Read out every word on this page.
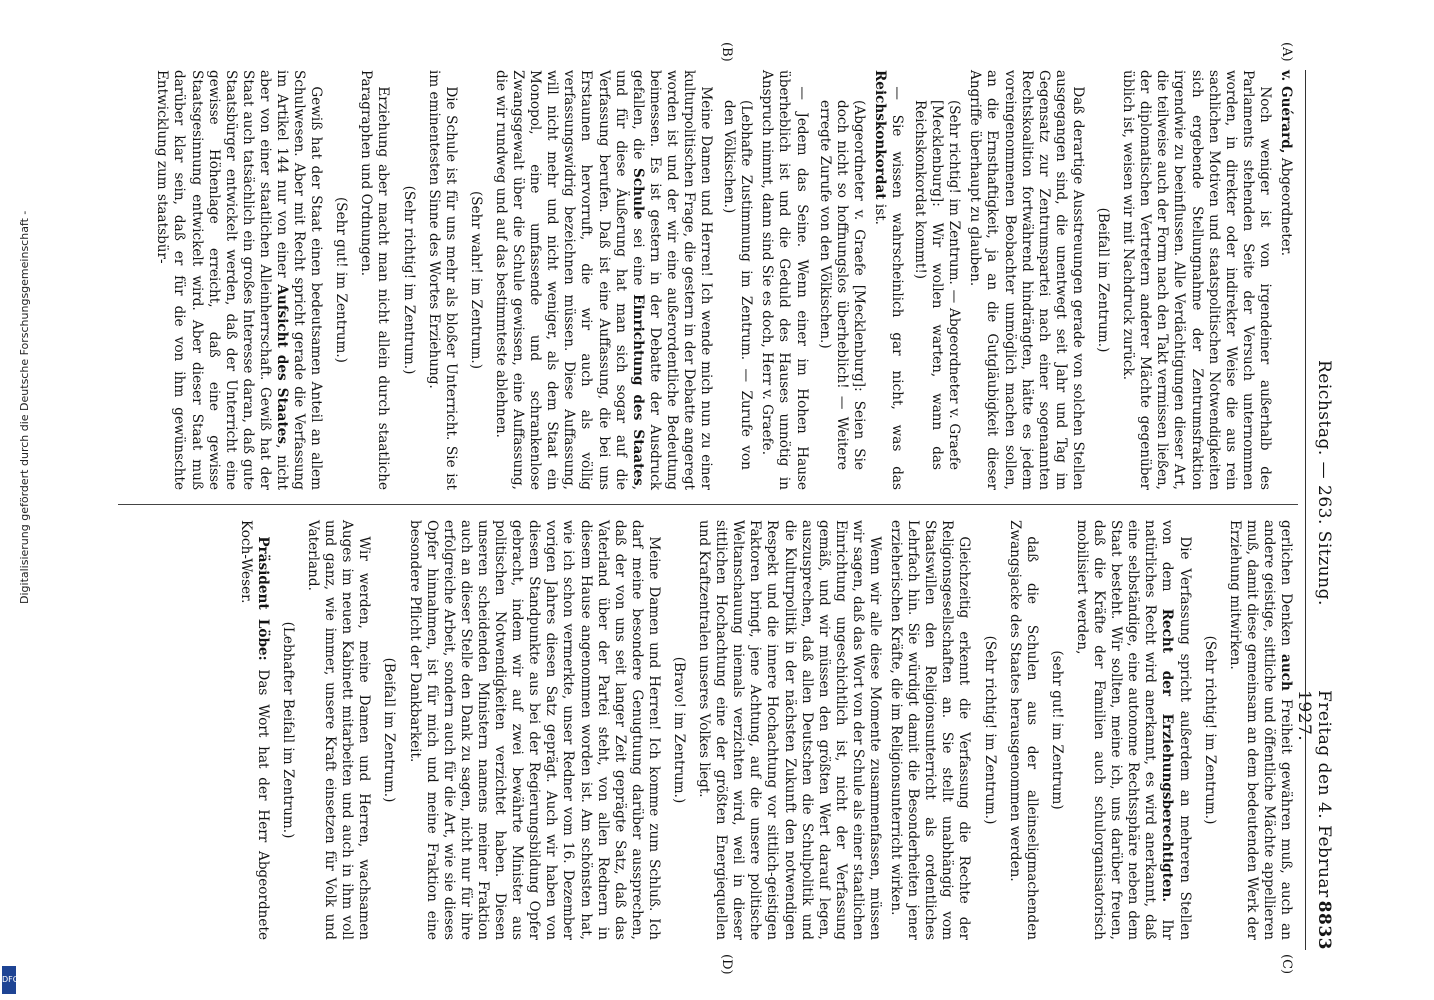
Reichstag. — 263. Sitzung.
Freitag den 4. Februar 1927.
8833
(A)
(B)
(C)
(D)

v. Guérard, Abgeordneter.

Noch weniger ist von irgendeiner außerhalb des Parlaments stehenden Seite der Versuch unternommen worden, in direkter oder indirekter Weise die aus rein sachlichen Motiven und staatspolitischen Notwendigkeiten sich ergebende Stellungnahme der Zentrumsfraktion irgendwie zu beeinflussen. Alle Verdächtigungen dieser Art, die teilweise auch der Form nach den Takt vermissen ließen, der diplomatischen Vertretern anderer Mächte gegenüber üblich ist, weisen wir mit Nachdruck zurück.

(Beifall im Zentrum.)

Daß derartige Ausstreuungen gerade von solchen Stellen ausgegangen sind, die unentwegt seit Jahr und Tag im Gegensatz zur Zentrumspartei nach einer sogenannten Rechtskoalition fortwährend hindrängten, hätte es jedem voreingenommenen Beobachter unmöglich machen sollen, an die Ernsthaftigkeit, ja an die Gutgläubigkeit dieser Angriffe überhaupt zu glauben.

(Sehr richtig! im Zentrum. — Abgeordneter v. Graefe [Mecklenburg]: Wir wollen warten, wann das Reichskonkordat kommt!)

— Sie wissen wahrscheinlich gar nicht, was das Reichskonkordat ist.

(Abgeordneter v. Graefe [Mecklenburg]: Seien Sie doch nicht so hoffnungslos überheblich! — Weitere erregte Zurufe von den Völkischen.)

— Jedem das Seine. Wenn einer im Hohen Hause überheblich ist und die Geduld des Hauses unnötig in Anspruch nimmt, dann sind Sie es doch, Herr v. Graefe.

(Lebhafte Zustimmung im Zentrum. — Zurufe von den Völkischen.)

Meine Damen und Herren! Ich wende mich nun zu einer kulturpolitischen Frage, die gestern in der Debatte angeregt worden ist und der wir eine außerordentliche Bedeutung beimessen. Es ist gestern in der Debatte der Ausdruck gefallen, die Schule sei eine Einrichtung des Staates, und für diese Äußerung hat man sich sogar auf die Verfassung berufen. Daß ist eine Auffassung, die bei uns Erstaunen hervorruft, die wir auch als völlig verfassungswidrig bezeichnen müssen. Diese Auffassung, will nicht mehr und nicht weniger, als dem Staat ein Monopol, eine umfassende und schrankenlose Zwangsgewalt über die Schule gewissen, eine Auffassung, die wir rundweg und auf das bestimmteste ablehnen.

(Sehr wahr! im Zentrum.)

Die Schule ist für uns mehr als bloßer Unterricht. Sie ist im eminentesten Sinne des Wortes Erziehung.

(Sehr richtig! im Zentrum.)

Erziehung aber macht man nicht allein durch staatliche Paragraphen und Ordnungen.

(Sehr gut! im Zentrum.)

Gewiß hat der Staat einen bedeutsamen Anteil an allem Schulwesen. Aber mit Recht spricht gerade die Verfassung im Artikel 144 nur von einer Aufsicht des Staates, nicht aber von einer staatlichen Alleinherrschaft. Gewiß hat der Staat auch tatsächlich ein großes Interesse daran, daß gute Staatsbürger entwickelt werden, daß der Unterricht eine gewisse Höhenlage erreicht, daß eine gewisse Staatsgesinnung entwickelt wird. Aber dieser Staat muß darüber klar sein, daß er für die von ihm gewünschte Entwicklung zum staatsbür-

gerlichen Denken auch Freiheit gewähren muß, auch an andere geistige, sittliche und öffentliche Mächte appellieren muß, damit diese gemeinsam an dem bedeutenden Werk der Erziehung mitwirken.

(Sehr richtig! im Zentrum.)

Die Verfassung spricht außerdem an mehreren Stellen von dem Recht der Erziehungsberechtigten. Ihr natürliches Recht wird anerkannt, es wird anerkannt, daß eine selbständige, eine autonome Rechtssphäre neben dem Staat besteht. Wir sollten, meine ich, uns darüber freuen, daß die Kräfte der Familien auch schulorganisatorisch mobilisiert werden,

(sehr gut! im Zentrum)

daß die Schulen aus der alleinseligmachenden Zwangsjacke des Staates herausgenommen werden.

(Sehr richtig! im Zentrum.)

Gleichzeitig erkennt die Verfassung die Rechte der Religionsgesellschaften an. Sie stellt unabhängig vom Staatswillen den Religionsunterricht als ordentliches Lehrfach hin. Sie würdigt damit die Besonderheiten jener erzieherischen Kräfte, die im Religionsunterricht wirken.

Wenn wir alle diese Momente zusammenfassen, müssen wir sagen, daß das Wort von der Schule als einer staatlichen Einrichtung ungeschichtlich ist, nicht der Verfassung gemäß, und wir müssen den größten Wert darauf legen, auszusprechen, daß allen Deutschen die Schulpolitik und die Kulturpolitik in der nächsten Zukunft den notwendigen Respekt und die innere Hochachtung vor sittlich-geistigen Faktoren bringt, jene Achtung, auf die unsere politische Weltanschauung niemals verzichten wird, weil in dieser sittlichen Hochachtung eine der größten Energiequellen und Kraftzentralen unseres Volkes liegt.

(Bravo! im Zentrum.)

Meine Damen und Herren! Ich komme zum Schluß. Ich darf meine besondere Genugtuung darüber aussprechen, daß der von uns seit langer Zeit geprägte Satz, daß das Vaterland über der Partei steht, von allen Rednern in diesem Hause angenommen worden ist. Am schönsten hat, wie ich schon vermerkte, unser Redner vom 16. Dezember vorigen Jahres diesen Satz geprägt. Auch wir haben von diesem Standpunkte aus bei der Regierungsbildung Opfer gebracht, indem wir auf zwei bewährte Minister aus politischen Notwendigkeiten verzichtet haben. Diesen unseren scheidenden Ministern namens meiner Fraktion auch an dieser Stelle den Dank zu sagen, nicht nur für ihre erfolgreiche Arbeit, sondern auch für die Art, wie sie dieses Opfer hinnahmen, ist für mich und meine Fraktion eine besondere Pflicht der Dankbarkeit.

(Beifall im Zentrum.)

Wir werden, meine Damen und Herren, wachsamen Auges im neuen Kabinett mitarbeiten und auch in ihm voll und ganz, wie immer, unsere Kraft einsetzen für Volk und Vaterland.

(Lebhafter Beifall im Zentrum.)

Präsident Löbe: Das Wort hat der Herr Abgeordnete Koch-Weser.

Digitalisierung gefördert durch die Deutsche Forschungsgemeinschaft -
DFG
